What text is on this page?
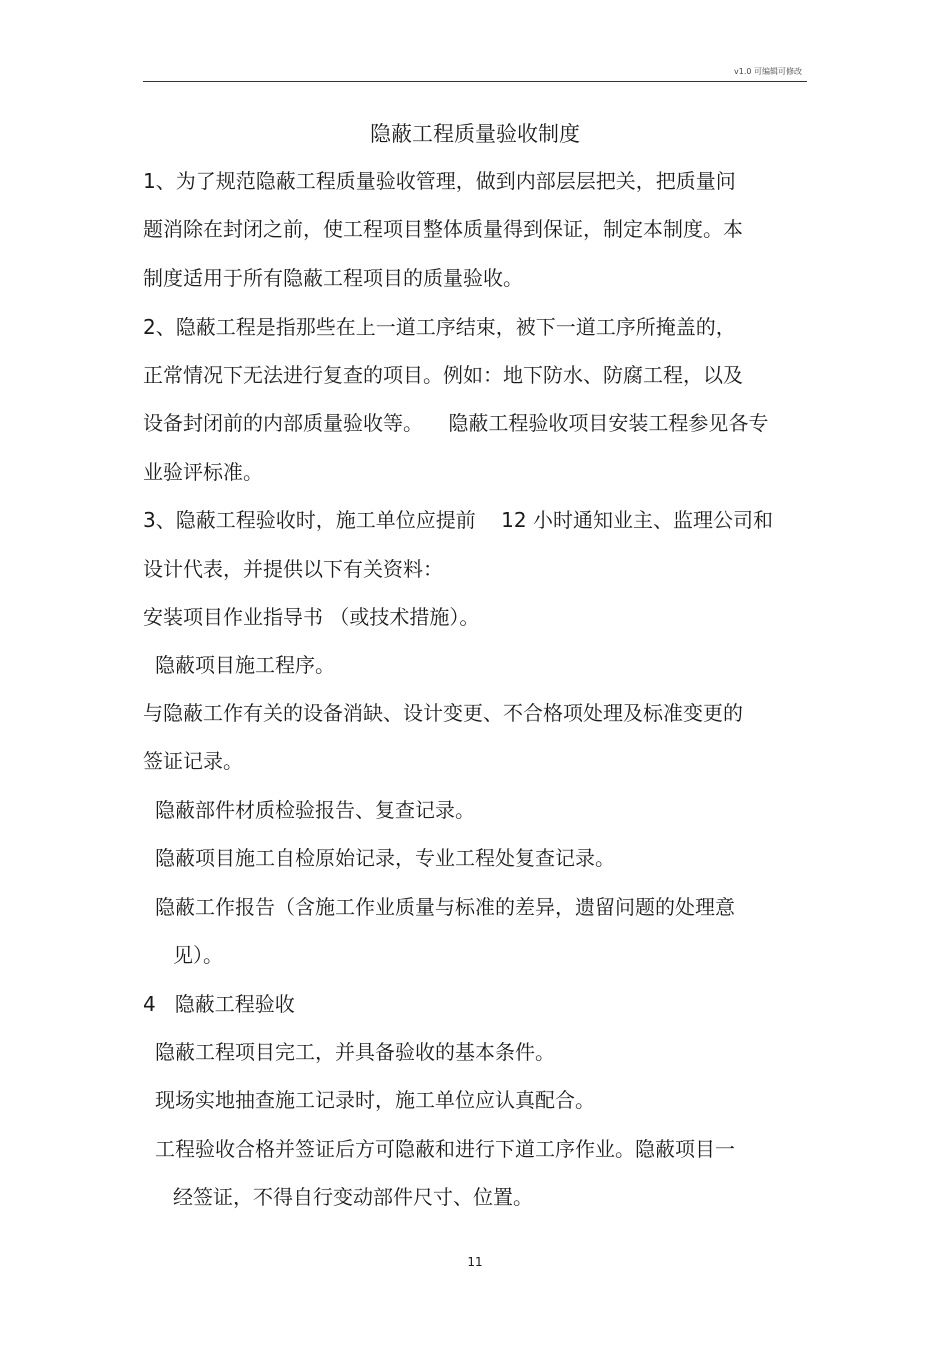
v1.0 可编辑可修改
隐蔽工程质量验收制度
1、为了规范隐蔽工程质量验收管理，做到内部层层把关，把质量问
题消除在封闭之前，使工程项目整体质量得到保证，制定本制度。本
制度适用于所有隐蔽工程项目的质量验收。
2、隐蔽工程是指那些在上一道工序结束，被下一道工序所掩盖的，
正常情况下无法进行复查的项目。例如：地下防水、防腐工程，以及
设备封闭前的内部质量验收等。    隐蔽工程验收项目安装工程参见各专
业验评标准。
3、隐蔽工程验收时，施工单位应提前    12 小时通知业主、监理公司和
设计代表，并提供以下有关资料：
安装项目作业指导书 （或技术措施）。
隐蔽项目施工程序。
与隐蔽工作有关的设备消缺、设计变更、不合格项处理及标准变更的
签证记录。
隐蔽部件材质检验报告、复查记录。
隐蔽项目施工自检原始记录，专业工程处复查记录。
隐蔽工作报告（含施工作业质量与标准的差异，遗留问题的处理意
见）。
4   隐蔽工程验收
隐蔽工程项目完工，并具备验收的基本条件。
现场实地抽查施工记录时，施工单位应认真配合。
工程验收合格并签证后方可隐蔽和进行下道工序作业。隐蔽项目一
经签证，不得自行变动部件尺寸、位置。
11
